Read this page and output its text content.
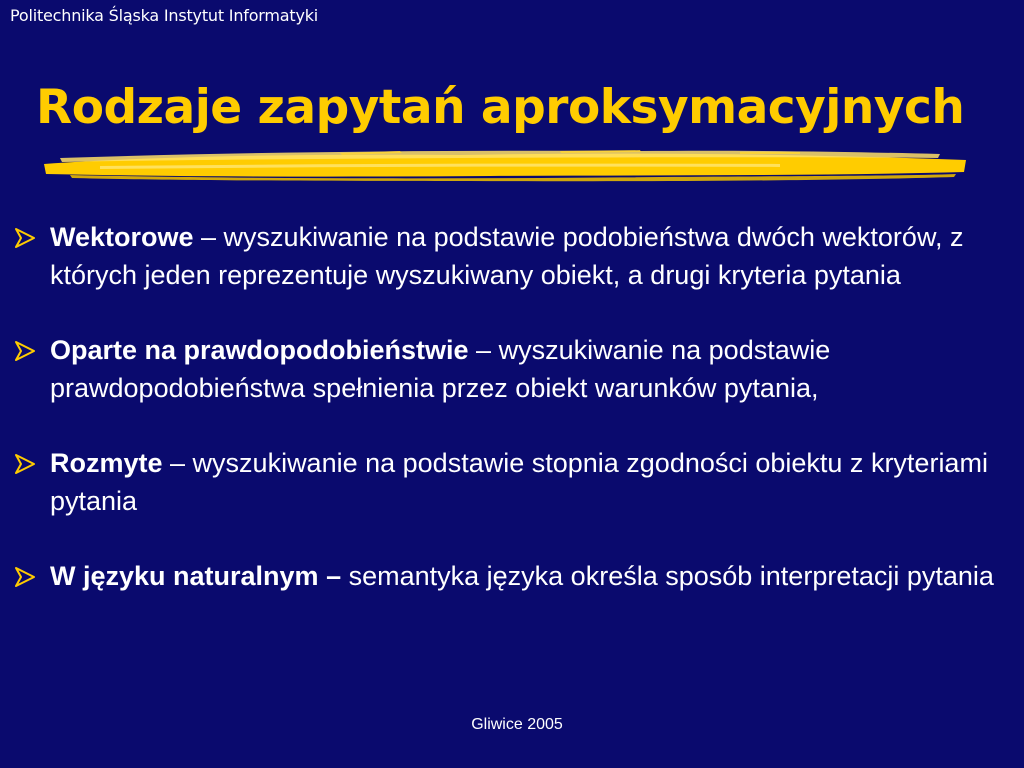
Politechnika Śląska Instytut Informatyki
Rodzaje zapytań aproksymacyjnych
Wektorowe – wyszukiwanie na podstawie podobieństwa dwóch wektorów, z których jeden reprezentuje wyszukiwany obiekt, a drugi kryteria pytania
Oparte na prawdopodobieństwie – wyszukiwanie na podstawie prawdopodobieństwa spełnienia przez obiekt warunków pytania,
Rozmyte – wyszukiwanie na podstawie stopnia zgodności obiektu z kryteriami pytania
W języku naturalnym – semantyka języka określa sposób interpretacji pytania
Gliwice 2005
